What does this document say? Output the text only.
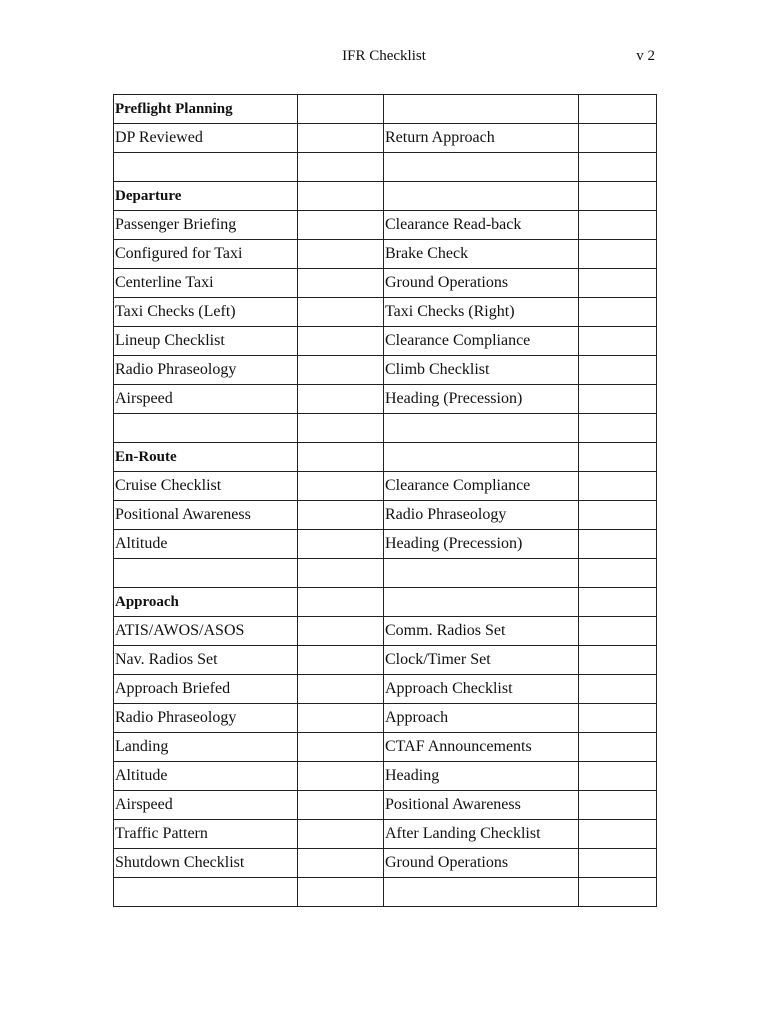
IFR Checklist	v 2
Preflight Planning			
DP Reviewed		Return Approach	

Departure			
Passenger Briefing		Clearance Read-back	
Configured for Taxi		Brake Check	
Centerline Taxi		Ground Operations	
Taxi Checks (Left)		Taxi Checks (Right)	
Lineup Checklist		Clearance Compliance	
Radio Phraseology		Climb Checklist	
Airspeed		Heading (Precession)	

En-Route			
Cruise Checklist		Clearance Compliance	
Positional Awareness		Radio Phraseology	
Altitude		Heading (Precession)	

Approach			
ATIS/AWOS/ASOS		Comm. Radios Set	
Nav. Radios Set		Clock/Timer Set	
Approach Briefed		Approach Checklist	
Radio Phraseology		Approach	
Landing		CTAF Announcements	
Altitude		Heading	
Airspeed		Positional Awareness	
Traffic Pattern		After Landing Checklist	
Shutdown Checklist		Ground Operations	
